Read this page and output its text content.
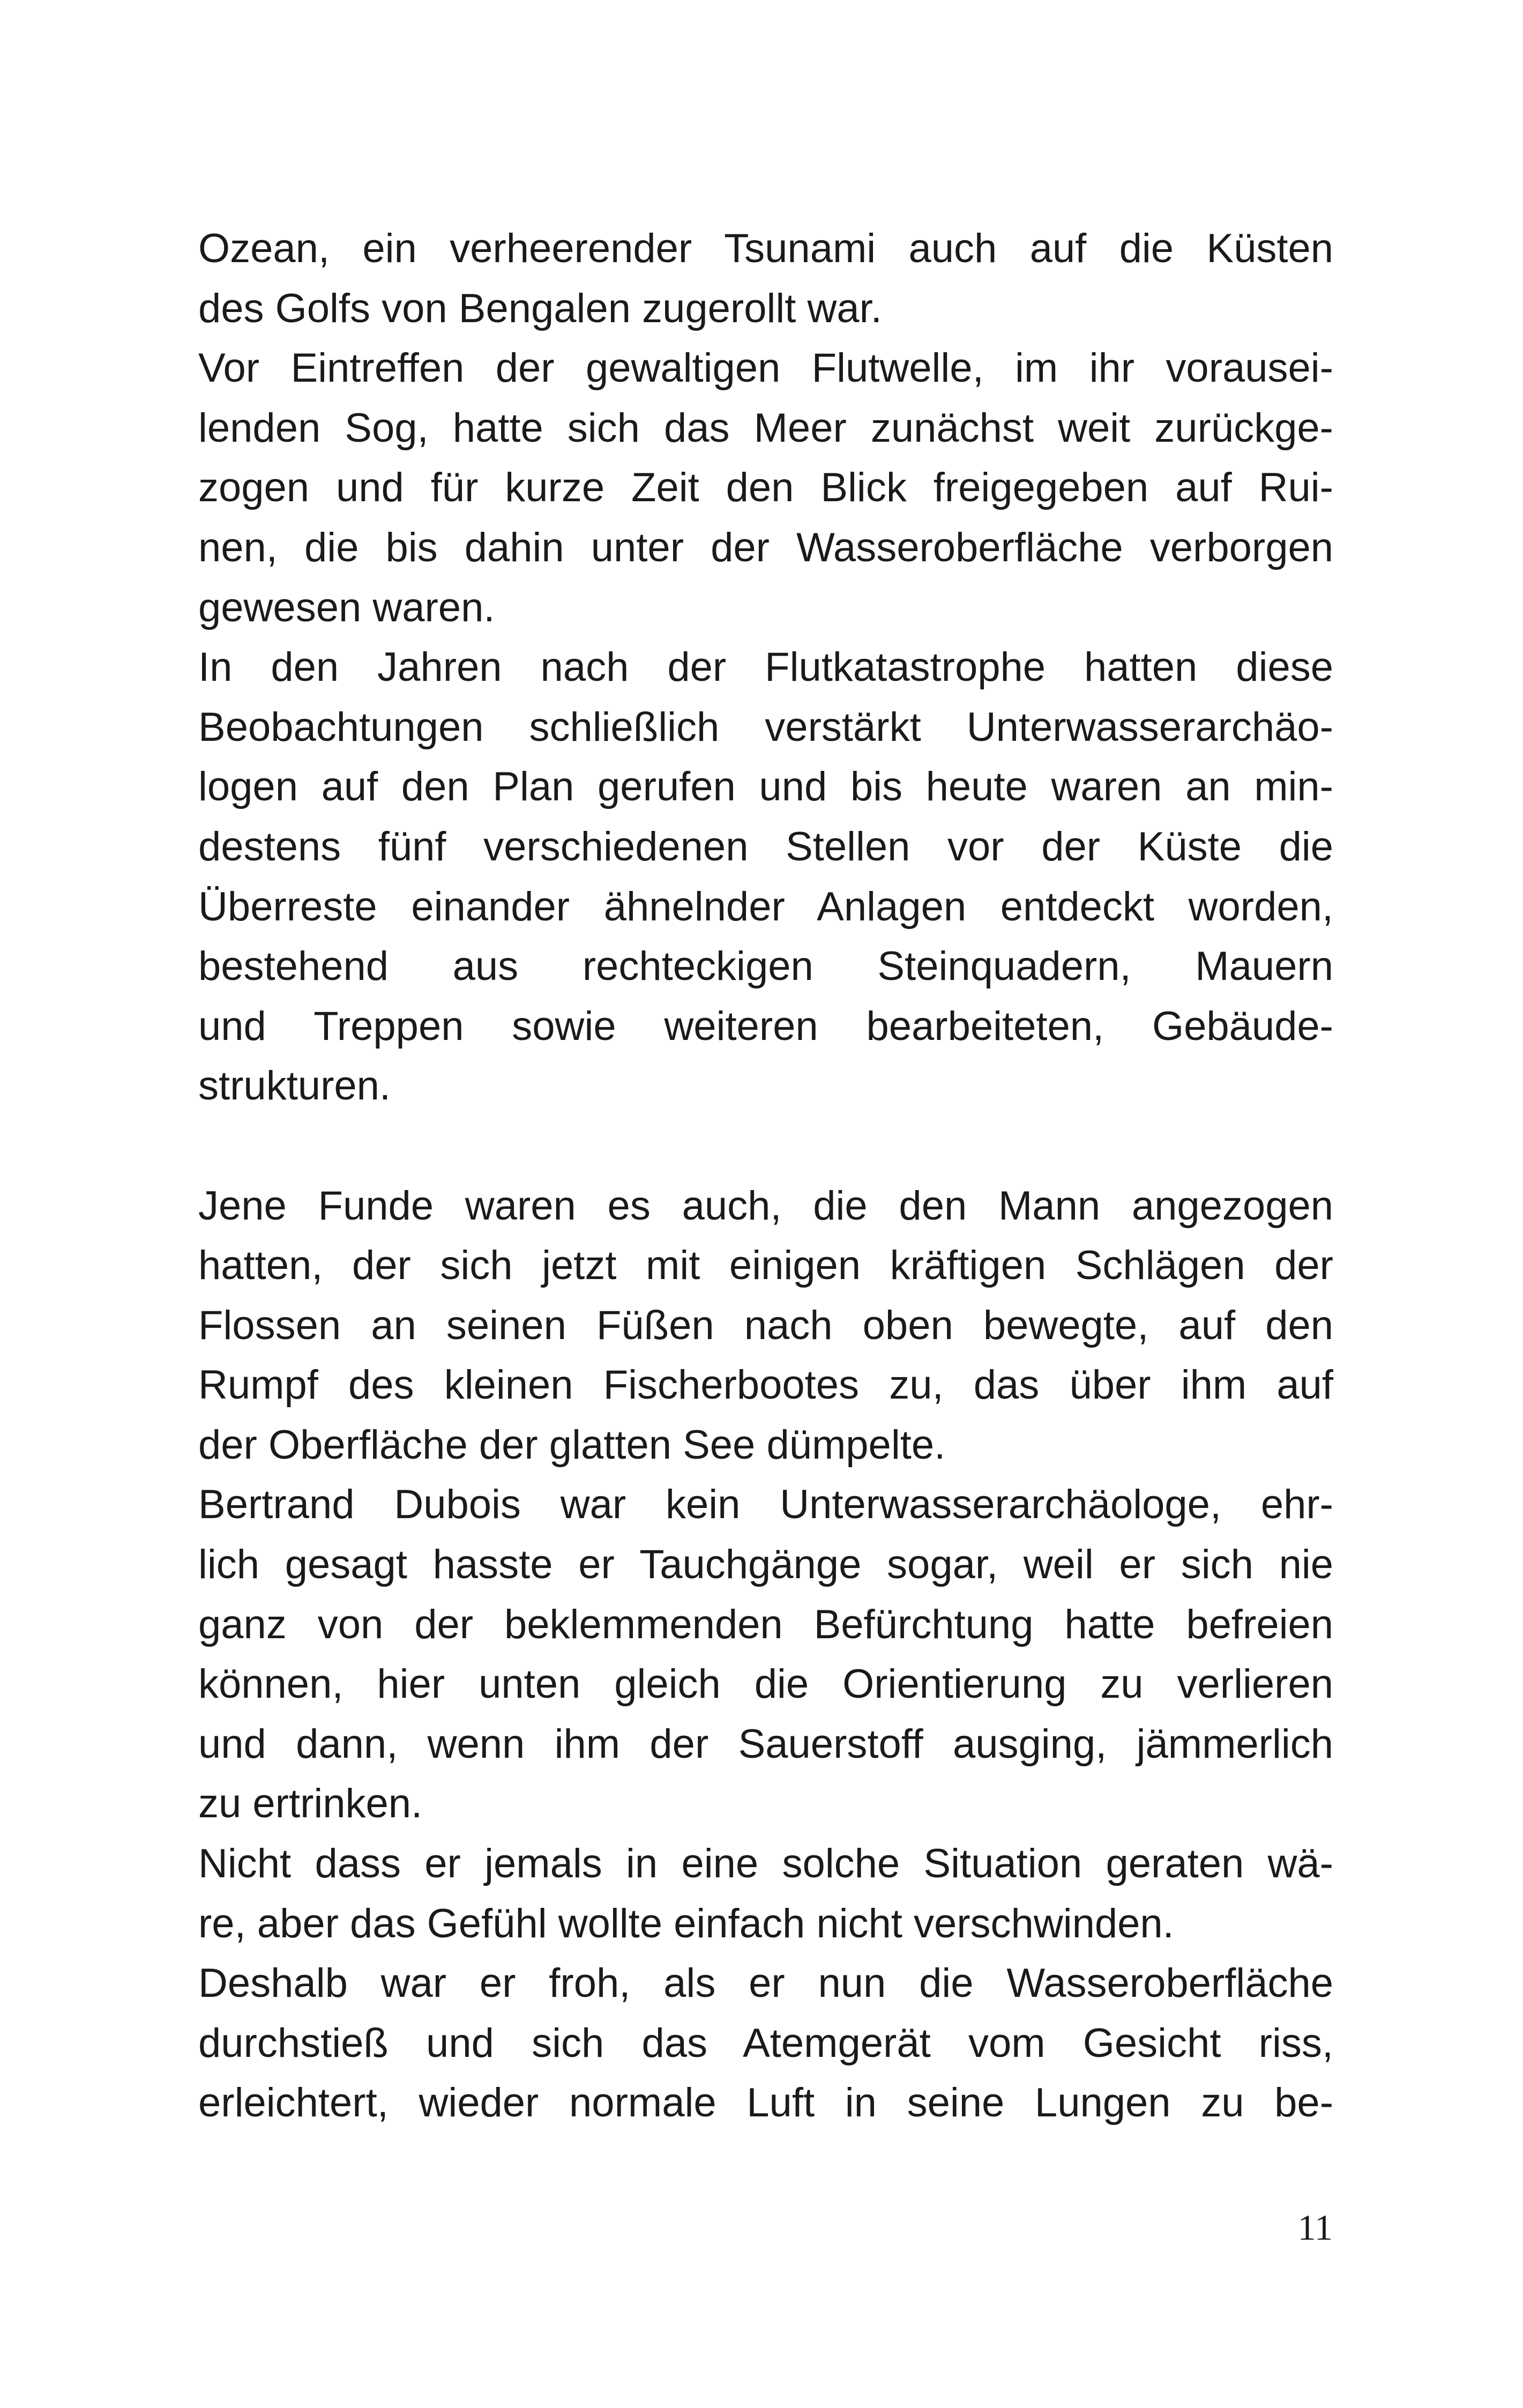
Ozean, ein verheerender Tsunami auch auf die Küsten
des Golfs von Bengalen zugerollt war.
Vor Eintreffen der gewaltigen Flutwelle, im ihr vorausei-
lenden Sog, hatte sich das Meer zunächst weit zurückge-
zogen und für kurze Zeit den Blick freigegeben auf Rui-
nen, die bis dahin unter der Wasseroberfläche verborgen
gewesen waren.
In den Jahren nach der Flutkatastrophe hatten diese
Beobachtungen schließlich verstärkt Unterwasserarchäo-
logen auf den Plan gerufen und bis heute waren an min-
destens fünf verschiedenen Stellen vor der Küste die
Überreste einander ähnelnder Anlagen entdeckt worden,
bestehend aus rechteckigen Steinquadern, Mauern
und Treppen sowie weiteren bearbeiteten, Gebäude-
strukturen.
Jene Funde waren es auch, die den Mann angezogen
hatten, der sich jetzt mit einigen kräftigen Schlägen der
Flossen an seinen Füßen nach oben bewegte, auf den
Rumpf des kleinen Fischerbootes zu, das über ihm auf
der Oberfläche der glatten See dümpelte.
Bertrand Dubois war kein Unterwasserarchäologe, ehr-
lich gesagt hasste er Tauchgänge sogar, weil er sich nie
ganz von der beklemmenden Befürchtung hatte befreien
können, hier unten gleich die Orientierung zu verlieren
und dann, wenn ihm der Sauerstoff ausging, jämmerlich
zu ertrinken.
Nicht dass er jemals in eine solche Situation geraten wä-
re, aber das Gefühl wollte einfach nicht verschwinden.
Deshalb war er froh, als er nun die Wasseroberfläche
durchstieß und sich das Atemgerät vom Gesicht riss,
erleichtert, wieder normale Luft in seine Lungen zu be-
11
